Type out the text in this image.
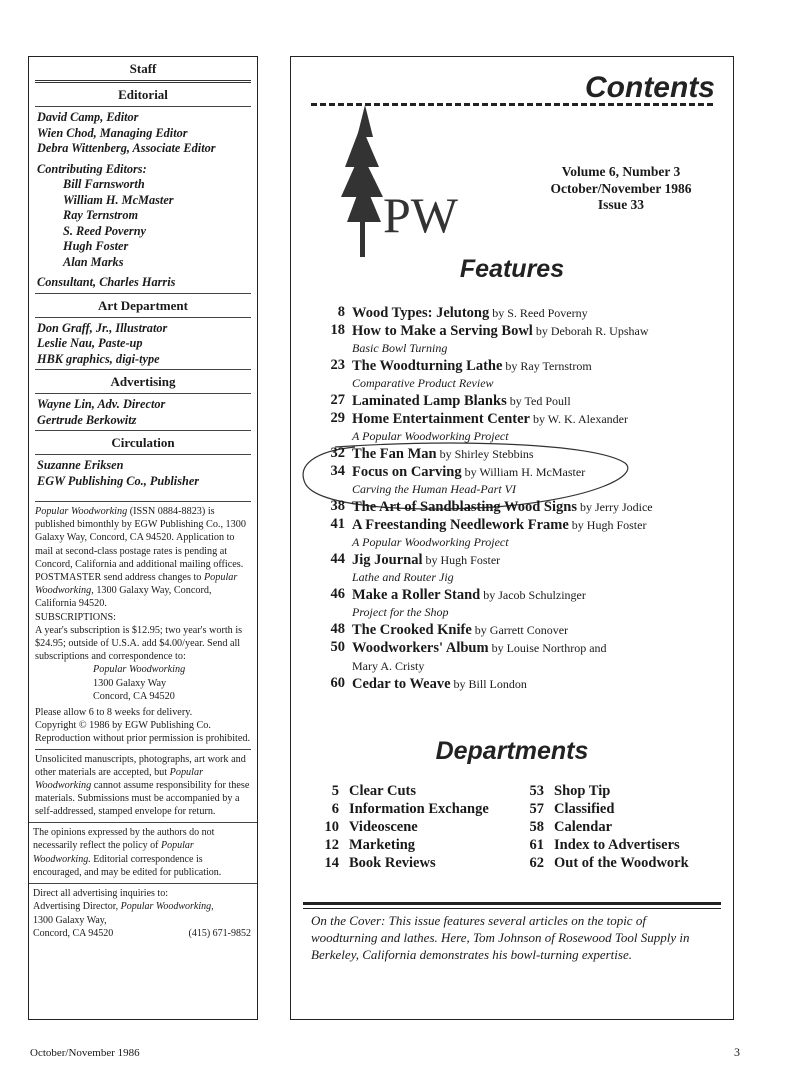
Staff
Editorial
David Camp, Editor
Wien Chod, Managing Editor
Debra Wittenberg, Associate Editor
Contributing Editors:
Bill Farnsworth
William H. McMaster
Ray Ternstrom
S. Reed Poverny
Hugh Foster
Alan Marks
Consultant, Charles Harris
Art Department
Don Graff, Jr., Illustrator
Leslie Nau, Paste-up
HBK graphics, digi-type
Advertising
Wayne Lin, Adv. Director
Gertrude Berkowitz
Circulation
Suzanne Eriksen
EGW Publishing Co., Publisher
Popular Woodworking (ISSN 0884-8823) is published bimonthly by EGW Publishing Co., 1300 Galaxy Way, Concord, CA 94520. Application to mail at second-class postage rates is pending at Concord, California and additional mailing offices. POSTMASTER send address changes to Popular Woodworking, 1300 Galaxy Way, Concord, California 94520.
SUBSCRIPTIONS:
A year's subscription is $12.95; two year's worth is $24.95; outside of U.S.A. add $4.00/year. Send all subscriptions and correspondence to:
Popular Woodworking
1300 Galaxy Way
Concord, CA 94520
Please allow 6 to 8 weeks for delivery.
Copyright © 1986 by EGW Publishing Co. Reproduction without prior permission is prohibited.
Unsolicited manuscripts, photographs, art work and other materials are accepted, but Popular Woodworking cannot assume responsibility for these materials. Submissions must be accompanied by a self-addressed, stamped envelope for return.
The opinions expressed by the authors do not necessarily reflect the policy of Popular Woodworking. Editorial correspondence is encouraged, and may be edited for publication.
Direct all advertising inquiries to:
Advertising Director, Popular Woodworking,
1300 Galaxy Way,
Concord, CA 94520	(415) 671-9852
Contents
PW
Volume 6, Number 3
October/November 1986
Issue 33
Features
8 Wood Types: Jelutong by S. Reed Poverny
18 How to Make a Serving Bowl by Deborah R. Upshaw
Basic Bowl Turning
23 The Woodturning Lathe by Ray Ternstrom
Comparative Product Review
27 Laminated Lamp Blanks by Ted Poull
29 Home Entertainment Center by W. K. Alexander
A Popular Woodworking Project
32 The Fan Man by Shirley Stebbins
34 Focus on Carving by William H. McMaster
Carving the Human Head-Part VI
38 The Art of Sandblasting Wood Signs by Jerry Jodice
41 A Freestanding Needlework Frame by Hugh Foster
A Popular Woodworking Project
44 Jig Journal by Hugh Foster
Lathe and Router Jig
46 Make a Roller Stand by Jacob Schulzinger
Project for the Shop
48 The Crooked Knife by Garrett Conover
50 Woodworkers' Album by Louise Northrop and
Mary A. Cristy
60 Cedar to Weave by Bill London
Departments
5 Clear Cuts
6 Information Exchange
10 Videoscene
12 Marketing
14 Book Reviews
53 Shop Tip
57 Classified
58 Calendar
61 Index to Advertisers
62 Out of the Woodwork
On the Cover: This issue features several articles on the topic of woodturning and lathes. Here, Tom Johnson of Rosewood Tool Supply in Berkeley, California demonstrates his bowl-turning expertise.
October/November 1986	3
